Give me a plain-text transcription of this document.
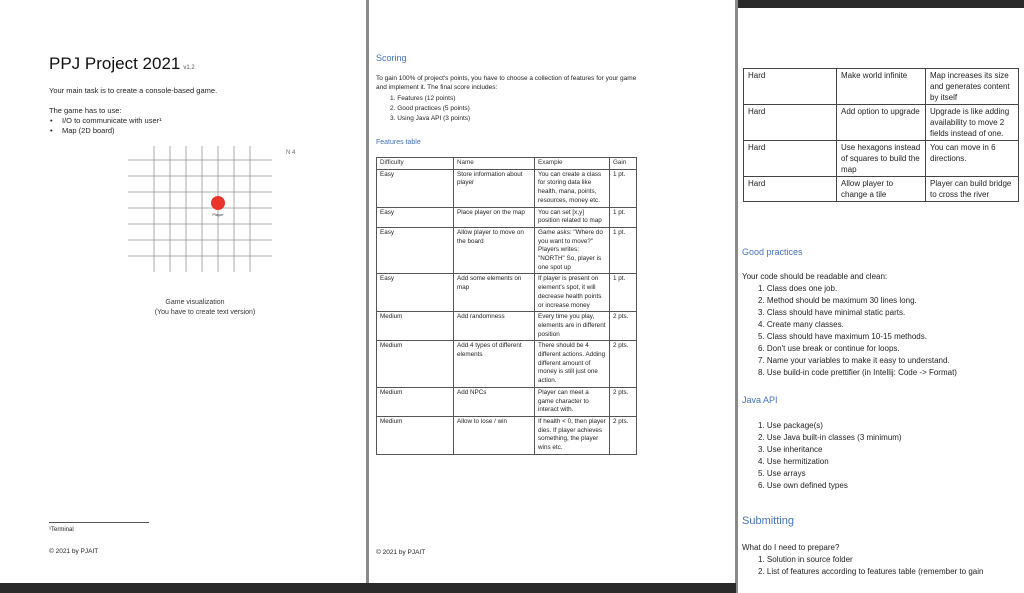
PPJ Project 2021 v1.2
Your main task is to create a console-based game.
The game has to use:
• I/O to communicate with user¹
• Map (2D board)
Player
Game visualization
(You have to create text version)
N 4
¹Terminal
© 2021 by PJAIT
Scoring
To gain 100% of project's points, you have to choose a collection of features for your game
and implement it. The final score includes:
1. Features (12 points)
2. Good practices (5 points)
3. Using Java API (3 points)
Features table
Difficulty	Name	Example	Gain
Easy	Store information about player	You can create a class for storing data like health, mana, points, resources, money etc.	1 pt.
Easy	Place player on the map	You can set [x,y] position related to map	1 pt.
Easy	Allow player to move on the board	Game asks: "Where do you want to move?" Players writes: "NORTH" So, player is one spot up	1 pt.
Easy	Add some elements on map	If player is present on element's spot, it will decrease health points or increase money	1 pt.
Medium	Add randomness	Every time you play, elements are in different position	2 pts.
Medium	Add 4 types of different elements	There should be 4 different actions. Adding different amount of money is still just one action.	2 pts.
Medium	Add NPCs	Player can meet a game character to interact with.	2 pts.
Medium	Allow to lose / win	If health < 0, then player dies. If player achieves something, the player wins etc.	2 pts.
© 2021 by PJAIT
Hard	Make world infinite	Map increases its size and generates content by itself
Hard	Add option to upgrade	Upgrade is like adding availability to move 2 fields instead of one.
Hard	Use hexagons instead of squares to build the map	You can move in 6 directions.
Hard	Allow player to change a tile	Player can build bridge to cross the river
Good practices
Your code should be readable and clean:
1. Class does one job.
2. Method should be maximum 30 lines long.
3. Class should have minimal static parts.
4. Create many classes.
5. Class should have maximum 10-15 methods.
6. Don't use break or continue for loops.
7. Name your variables to make it easy to understand.
8. Use build-in code prettifier (in Intellij: Code -> Format)
Java API
1. Use package(s)
2. Use Java built-in classes (3 minimum)
3. Use inheritance
4. Use hermitization
5. Use arrays
6. Use own defined types
Submitting
What do I need to prepare?
1. Solution in source folder
2. List of features according to features table (remember to gain
